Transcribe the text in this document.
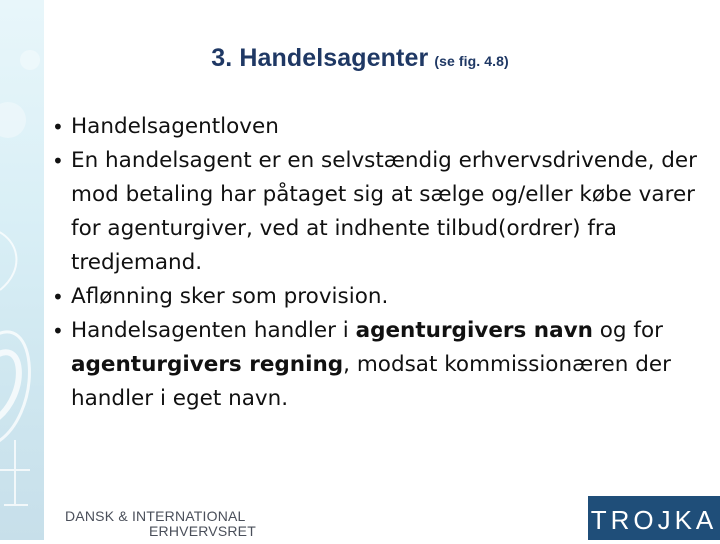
3. Handelsagenter (se fig. 4.8)
• Handelsagentloven
• En handelsagent er en selvstændig erhvervsdrivende, der mod betaling har påtaget sig at sælge og/eller købe varer for agenturgiver, ved at indhente tilbud(ordrer) fra tredjemand.
• Aflønning sker som provision.
• Handelsagenten handler i agenturgivers navn og for agenturgivers regning, modsat kommissionæren der handler i eget navn.
DANSK & INTERNATIONAL
ERHVERVSRET	TROJKA
